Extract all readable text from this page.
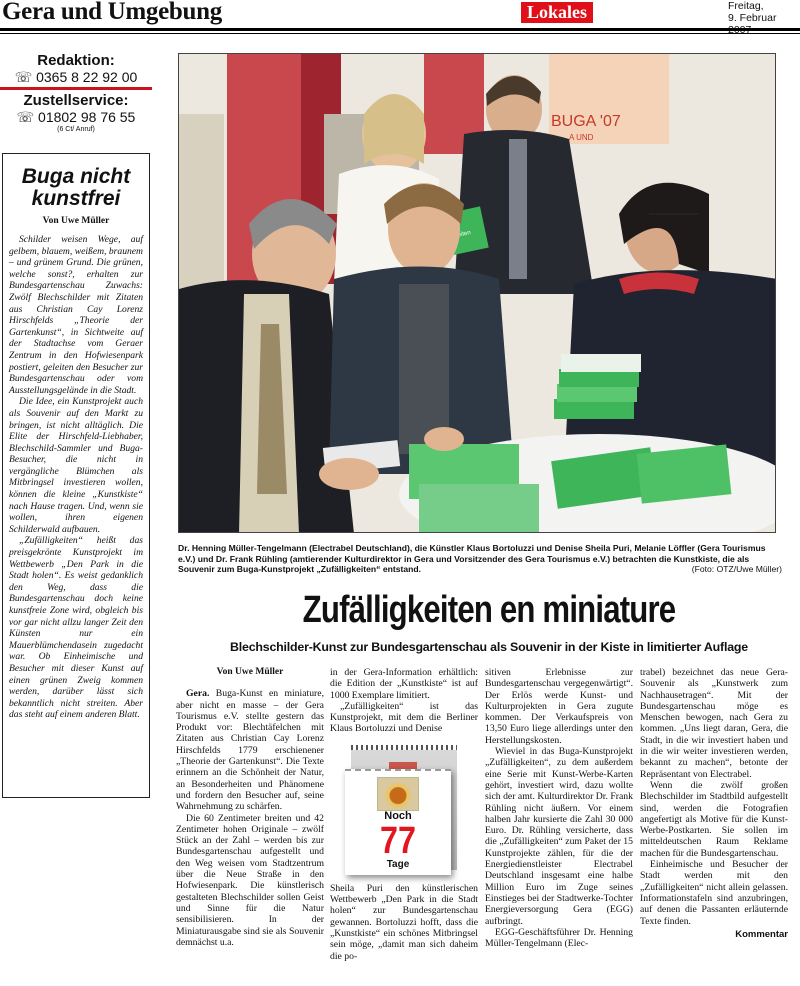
Gera und Umgebung	Lokales	Freitag,
9. Februar
Redaktion:
☏ 0365 8 22 92 00
Zustellservice:
☏ 01802 98 76 55
(6 Ct/ Anruf)
Buga nicht kunstfrei
Von Uwe Müller

Schilder weisen Wege, auf gelbem, blauem, weißem, braunem – und grünem Grund. Die grünen, welche sonst?, erhalten zur Bundesgartenschau Zuwachs: Zwölf Blechschilder mit Zitaten aus Christian Cay Lorenz Hirschfelds „Theorie der Gartenkunst“, in Sichtweite auf der Stadtachse vom Geraer Zentrum in den Hofwiesenpark postiert, geleiten den Besucher zur Bundesgartenschau oder vom Ausstellungsgelände in die Stadt.

Die Idee, ein Kunstprojekt auch als Souvenir auf den Markt zu bringen, ist nicht alltäglich. Die Elite der Hirschfeld-Liebhaber, Blechschild-Sammler und Buga-Besucher, die nicht in vergängliche Blümchen als Mitbringsel investieren wollen, können die kleine „Kunstkiste“ nach Hause tragen. Und, wenn sie wollen, ihren eigenen Schilderwald aufbauen.

„Zufälligkeiten“ heißt das preisgekrönte Kunstprojekt im Wettbewerb „Den Park in die Stadt holen“. Es weist gedanklich den Weg, dass die Bundesgartenschau doch keine kunstfreie Zone wird, obgleich bis vor gar nicht allzu langer Zeit den Künsten nur ein Mauerblümchendasein zugedacht war. Ob Einheimische und Besucher mit dieser Kunst auf einen grünen Zweig kommen werden, darüber lässt sich bekanntlich nicht streiten. Aber das steht auf einem anderen Blatt.

BUGA '07
A UND
Dr. Henning Müller-Tengelmann (Electrabel Deutschland), die Künstler Klaus Bortoluzzi und Denise Sheila Puri, Melanie Löffler (Gera Tourismus e.V.) und Dr. Frank Rühling (amtierender Kulturdirektor in Gera und Vorsitzender des Gera Tourismus e.V.) betrachten die Kunstkiste, die als Souvenir zum Buga-Kunstprojekt „Zufälligkeiten“ entstand.	(Foto: OTZ/Uwe Müller)
Zufälligkeiten en miniature
Blechschilder-Kunst zur Bundesgartenschau als Souvenir in der Kiste in limitierter Auflage
Von Uwe Müller

Gera. Buga-Kunst en miniature, aber nicht en masse – der Gera Tourismus e.V. stellte gestern das Produkt vor: Blechtäfelchen mit Zitaten aus Christian Cay Lorenz Hirschfelds 1779 erschienener „Theorie der Gartenkunst“. Die Texte erinnern an die Schönheit der Natur, an Besonderheiten und Phänomene und fordern den Besucher auf, seine Wahrnehmung zu schärfen.

Die 60 Zentimeter breiten und 42 Zentimeter hohen Originale – zwölf Stück an der Zahl – werden bis zur Bundesgartenschau aufgestellt und den Weg weisen vom Stadtzentrum über die Neue Straße in den Hofwiesenpark. Die künstlerisch gestalteten Blechschilder sollen Geist und Sinne für die Natur sensibilisieren. In der Miniaturausgabe sind sie als Souvenir demnächst u.a.

in der Gera-Information erhältlich: die Edition der „Kunstkiste“ ist auf 1000 Exemplare limitiert.

„Zufälligkeiten“ ist das Kunstprojekt, mit dem die Berliner Klaus Bortoluzzi und Denise

Noch
77
Tage

Sheila Puri den künstlerischen Wettbewerb „Den Park in die Stadt holen“ zur Bundesgartenschau gewannen. Bortoluzzi hofft, dass die „Kunstkiste“ ein schönes Mitbringsel sein möge, „damit man sich daheim die po-

sitiven Erlebnisse zur Bundesgartenschau vergegenwärtigt“. Der Erlös werde Kunst- und Kulturprojekten in Gera zugute kommen. Der Verkaufspreis von 13,50 Euro liege allerdings unter den Herstellungskosten.

Wieviel in das Buga-Kunstprojekt „Zufälligkeiten“, zu dem außerdem eine Serie mit Kunst-Werbe-Karten gehört, investiert wird, dazu wollte sich der amt. Kulturdirektor Dr. Frank Rühling nicht äußern. Vor einem halben Jahr kursierte die Zahl 30 000 Euro. Dr. Rühling versicherte, dass die „Zufälligkeiten“ zum Paket der 15 Kunstprojekte zählen, für die der Energiedienstleister Electrabel Deutschland insgesamt eine halbe Million Euro im Zuge seines Einstieges bei der Stadtwerke-Tochter Energieversorgung Gera (EGG) aufbringt.

EGG-Geschäftsführer Dr. Henning Müller-Tengelmann (Elec-

trabel) bezeichnet das neue Gera-Souvenir als „Kunstwerk zum Nachhausetragen“. Mit der Bundesgartenschau möge es Menschen bewogen, nach Gera zu kommen. „Uns liegt daran, Gera, die Stadt, in die wir investiert haben und in die wir weiter investieren werden, bekannt zu machen“, betonte der Repräsentant von Electrabel.

Wenn die zwölf großen Blechschilder im Stadtbild aufgestellt sind, werden die Fotografien angefertigt als Motive für die Kunst-Werbe-Postkarten. Sie sollen im mitteldeutschen Raum Reklame machen für die Bundesgartenschau.

Einheimische und Besucher der Stadt werden mit den „Zufälligkeiten“ nicht allein gelassen. Informationstafeln sind anzubringen, auf denen die Passanten erläuternde Texte finden.

Kommentar
